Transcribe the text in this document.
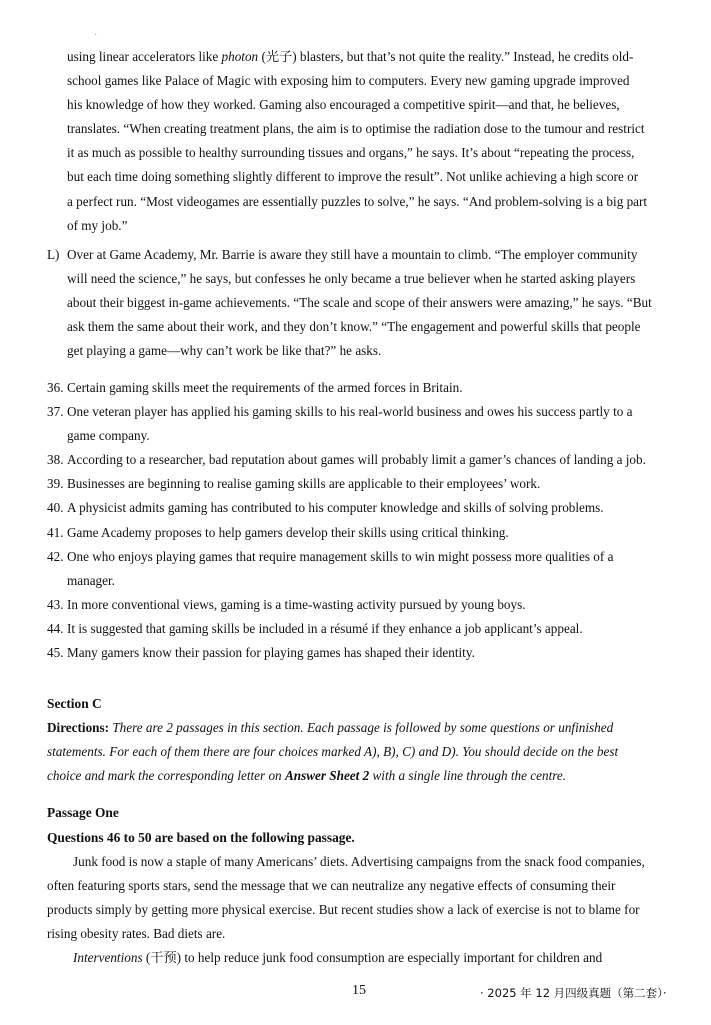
using linear accelerators like photon (光子) blasters, but that’s not quite the reality.” Instead, he credits old-
school games like Palace of Magic with exposing him to computers. Every new gaming upgrade improved
his knowledge of how they worked. Gaming also encouraged a competitive spirit—and that, he believes,
translates. “When creating treatment plans, the aim is to optimise the radiation dose to the tumour and restrict
it as much as possible to healthy surrounding tissues and organs,” he says. It’s about “repeating the process,
but each time doing something slightly different to improve the result”. Not unlike achieving a high score or
a perfect run. “Most videogames are essentially puzzles to solve,” he says. “And problem-solving is a big part
of my job.”
L) Over at Game Academy, Mr. Barrie is aware they still have a mountain to climb. “The employer community
will need the science,” he says, but confesses he only became a true believer when he started asking players
about their biggest in-game achievements. “The scale and scope of their answers were amazing,” he says. “But
ask them the same about their work, and they don’t know.” “The engagement and powerful skills that people
get playing a game—why can’t work be like that?” he asks.
36. Certain gaming skills meet the requirements of the armed forces in Britain.
37. One veteran player has applied his gaming skills to his real-world business and owes his success partly to a
game company.
38. According to a researcher, bad reputation about games will probably limit a gamer’s chances of landing a job.
39. Businesses are beginning to realise gaming skills are applicable to their employees’ work.
40. A physicist admits gaming has contributed to his computer knowledge and skills of solving problems.
41. Game Academy proposes to help gamers develop their skills using critical thinking.
42. One who enjoys playing games that require management skills to win might possess more qualities of a
manager.
43. In more conventional views, gaming is a time-wasting activity pursued by young boys.
44. It is suggested that gaming skills be included in a résumé if they enhance a job applicant’s appeal.
45. Many gamers know their passion for playing games has shaped their identity.
Section C
Directions: There are 2 passages in this section. Each passage is followed by some questions or unfinished
statements. For each of them there are four choices marked A), B), C) and D). You should decide on the best
choice and mark the corresponding letter on Answer Sheet 2 with a single line through the centre.
Passage One
Questions 46 to 50 are based on the following passage.
Junk food is now a staple of many Americans’ diets. Advertising campaigns from the snack food companies,
often featuring sports stars, send the message that we can neutralize any negative effects of consuming their
products simply by getting more physical exercise. But recent studies show a lack of exercise is not to blame for
rising obesity rates. Bad diets are.
Interventions (干预) to help reduce junk food consumption are especially important for children and
15	· 2025 年 12 月四级真题（第二套）·
·
